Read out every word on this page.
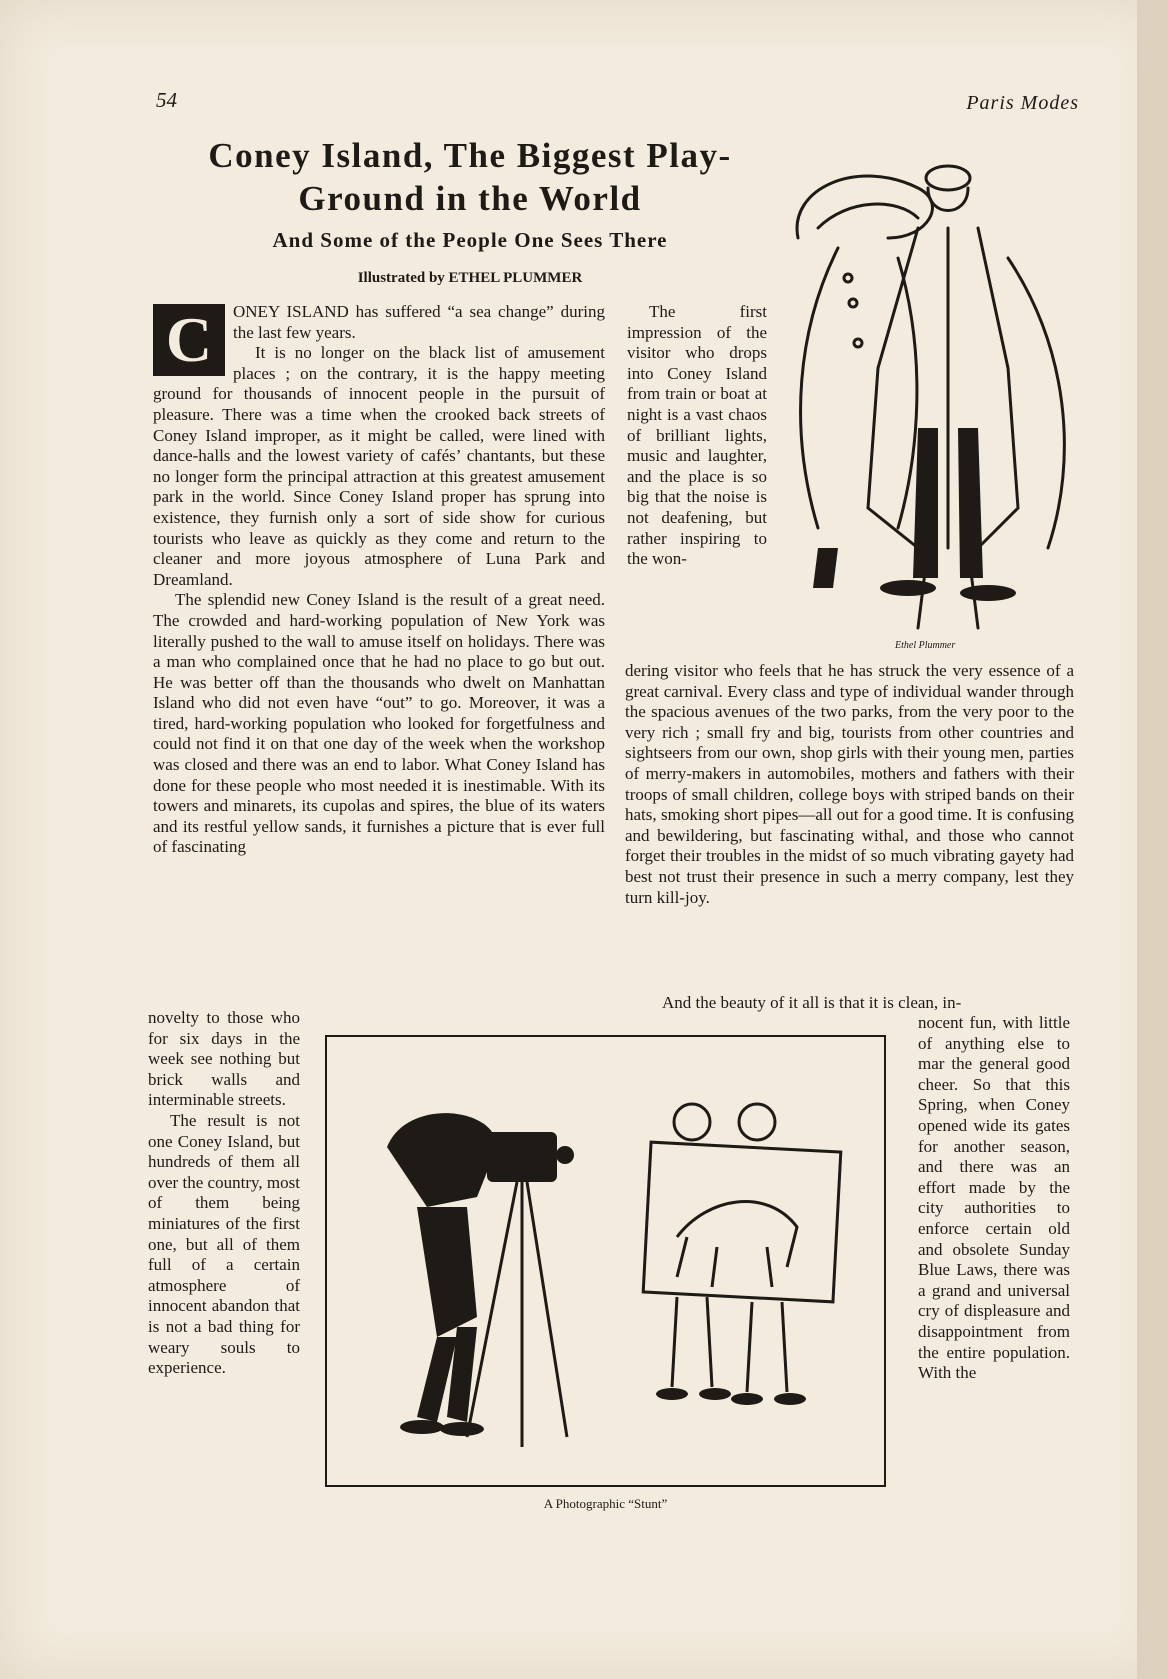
54	Paris Modes
Coney Island, The Biggest Play-
Ground in the World
And Some of the People One Sees There
Illustrated by ETHEL PLUMMER

C	ONEY ISLAND has suffered “a sea change” during the last few years.

It is no longer on the black list of amusement places ; on the contrary, it is the happy meeting ground for thousands of innocent people in the pursuit of pleasure. There was a time when the crooked back streets of Coney Island improper, as it might be called, were lined with dance-halls and the lowest variety of cafés’ chantants, but these no longer form the principal attraction at this greatest amusement park in the world. Since Coney Island proper has sprung into existence, they furnish only a sort of side show for curious tourists who leave as quickly as they come and return to the cleaner and more joyous atmosphere of Luna Park and Dreamland.

The splendid new Coney Island is the result of a great need. The crowded and hard-working population of New York was literally pushed to the wall to amuse itself on holidays. There was a man who complained once that he had no place to go but out. He was better off than the thousands who dwelt on Manhattan Island who did not even have “out” to go. Moreover, it was a tired, hard-working population who looked for forgetfulness and could not find it on that one day of the week when the workshop was closed and there was an end to labor. What Coney Island has done for these people who most needed it is inestimable. With its towers and minarets, its cupolas and spires, the blue of its waters and its restful yellow sands, it furnishes a picture that is ever full of fascinating

The first impression of the visitor who drops into Coney Island from train or boat at night is a vast chaos of brilliant lights, music and laughter, and the place is so big that the noise is not deafening, but rather inspiring to the won-

dering visitor who feels that he has struck the very essence of a great carnival. Every class and type of individual wander through the spacious avenues of the two parks, from the very poor to the very rich ; small fry and big, tourists from other countries and sightseers from our own, shop girls with their young men, parties of merry-makers in automobiles, mothers and fathers with their troops of small children, college boys with striped bands on their hats, smoking short pipes—all out for a good time. It is confusing and bewildering, but fascinating withal, and those who cannot forget their troubles in the midst of so much vibrating gayety had best not trust their presence in such a merry company, lest they turn kill-joy.

And the beauty of it all is that it is clean, in-

novelty to those who for six days in the week see nothing but brick walls and interminable streets.

The result is not one Coney Island, but hundreds of them all over the country, most of them being miniatures of the first one, but all of them full of a certain atmosphere of innocent abandon that is not a bad thing for weary souls to experience.

nocent fun, with little of anything else to mar the general good cheer. So that this Spring, when Coney opened wide its gates for another season, and there was an effort made by the city authorities to enforce certain old and obsolete Sunday Blue Laws, there was a grand and universal cry of displeasure and disappointment from the entire population. With the

Ethel Plummer
A Photographic “Stunt”
